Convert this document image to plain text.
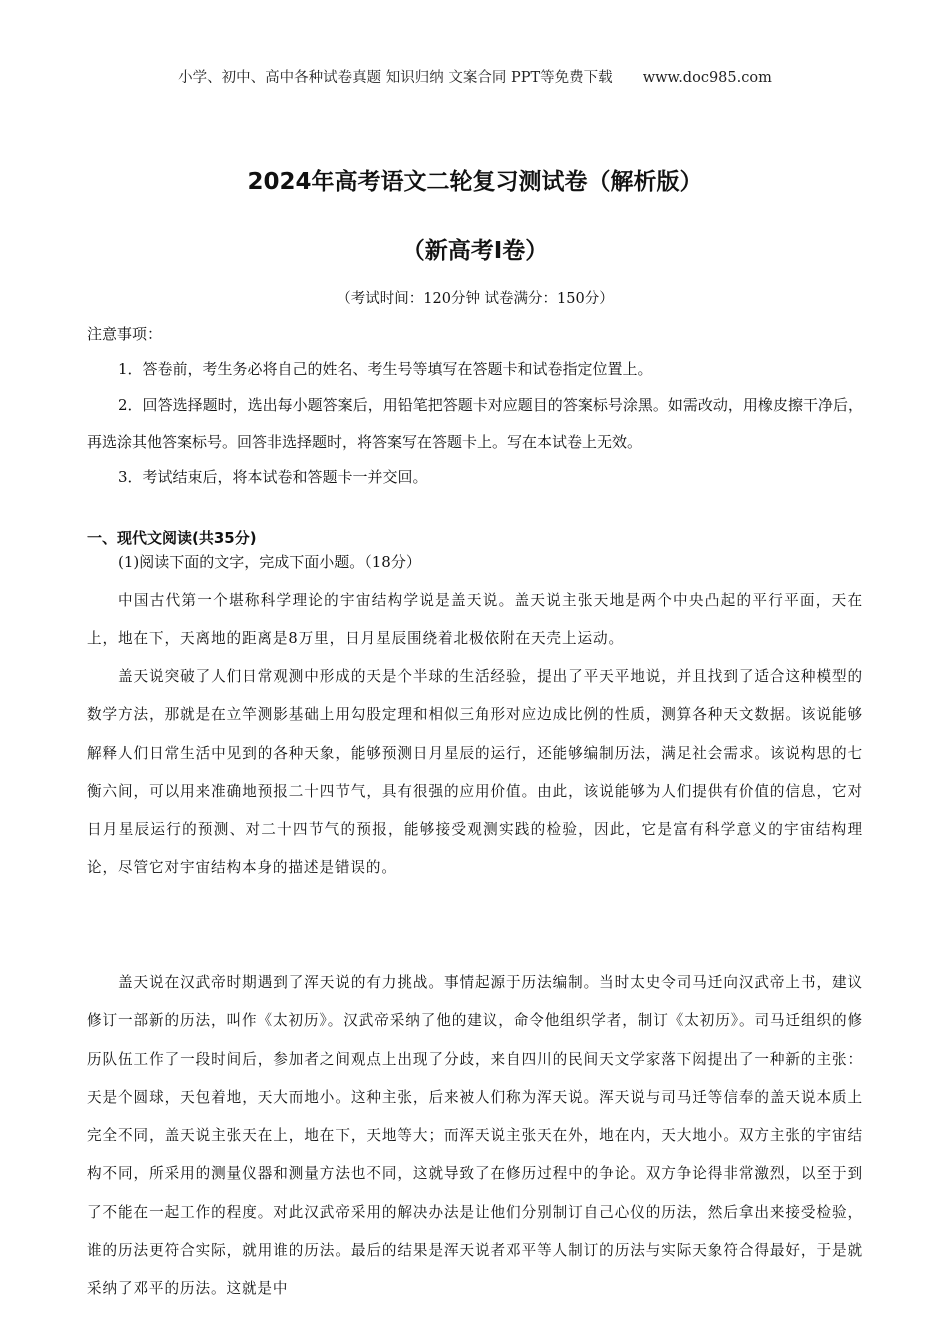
小学、初中、高中各种试卷真题 知识归纳 文案合同 PPT等免费下载 www.doc985.com
2024年高考语文二轮复习测试卷（解析版）
（新高考Ⅰ卷）
（考试时间：120分钟 试卷满分：150分）
注意事项：

1．答卷前，考生务必将自己的姓名、考生号等填写在答题卡和试卷指定位置上。

2．回答选择题时，选出每小题答案后，用铅笔把答题卡对应题目的答案标号涂黑。如需改动，用橡皮擦干净后，再选涂其他答案标号。回答非选择题时，将答案写在答题卡上。写在本试卷上无效。

3．考试结束后，将本试卷和答题卡一并交回。

一、现代文阅读(共35分)
(1)阅读下面的文字，完成下面小题。（18分）

中国古代第一个堪称科学理论的宇宙结构学说是盖天说。盖天说主张天地是两个中央凸起的平行平面，天在上，地在下，天离地的距离是8万里，日月星辰围绕着北极依附在天壳上运动。

盖天说突破了人们日常观测中形成的天是个半球的生活经验，提出了平天平地说，并且找到了适合这种模型的数学方法，那就是在立竿测影基础上用勾股定理和相似三角形对应边成比例的性质，测算各种天文数据。该说能够解释人们日常生活中见到的各种天象，能够预测日月星辰的运行，还能够编制历法，满足社会需求。该说构思的七衡六间，可以用来准确地预报二十四节气，具有很强的应用价值。由此，该说能够为人们提供有价值的信息，它对日月星辰运行的预测、对二十四节气的预报，能够接受观测实践的检验，因此，它是富有科学意义的宇宙结构理论，尽管它对宇宙结构本身的描述是错误的。

盖天说在汉武帝时期遇到了浑天说的有力挑战。事情起源于历法编制。当时太史令司马迁向汉武帝上书，建议修订一部新的历法，叫作《太初历》。汉武帝采纳了他的建议，命令他组织学者，制订《太初历》。司马迁组织的修历队伍工作了一段时间后，参加者之间观点上出现了分歧，来自四川的民间天文学家落下闳提出了一种新的主张：天是个圆球，天包着地，天大而地小。这种主张，后来被人们称为浑天说。浑天说与司马迁等信奉的盖天说本质上完全不同，盖天说主张天在上，地在下，天地等大；而浑天说主张天在外，地在内，天大地小。双方主张的宇宙结构不同，所采用的测量仪器和测量方法也不同，这就导致了在修历过程中的争论。双方争论得非常激烈，以至于到了不能在一起工作的程度。对此汉武帝采用的解决办法是让他们分别制订自己心仪的历法，然后拿出来接受检验，谁的历法更符合实际，就用谁的历法。最后的结果是浑天说者邓平等人制订的历法与实际天象符合得最好，于是就采纳了邓平的历法。这就是中
